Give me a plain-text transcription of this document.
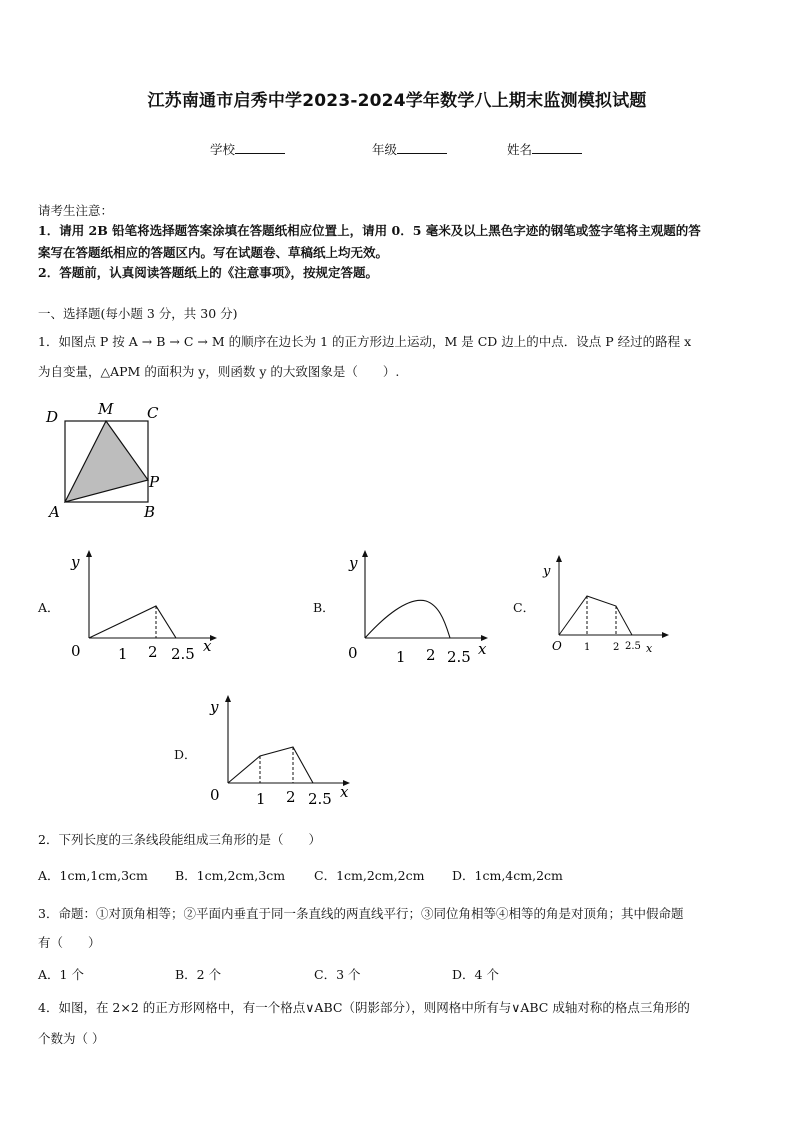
江苏南通市启秀中学2023-2024学年数学八上期末监测模拟试题
学校	年级	姓名
请考生注意：
1．请用 2B 铅笔将选择题答案涂填在答题纸相应位置上，请用 0．5 毫米及以上黑色字迹的钢笔或签字笔将主观题的答
案写在答题纸相应的答题区内。写在试题卷、草稿纸上均无效。
2．答题前，认真阅读答题纸上的《注意事项》，按规定答题。
一、选择题(每小题 3 分，共 30 分)
1．如图点 P 按 A → B → C → M 的顺序在边长为 1 的正方形边上运动，M 是 CD 边上的中点．设点 P 经过的路程 x
为自变量，△APM 的面积为 y，则函数 y 的大致图象是（　　）.
D	M C
P
A	B
A．
y
x
0 1 2 2.5
B．
y
x
0	1 2 2.5
C．
y
x
O 1 2 2.5
D．
y
x
0 1 2 2.5
2．下列长度的三条线段能组成三角形的是（　　）
A．1cm,1cm,3cm B．1cm,2cm,3cm C．1cm,2cm,2cm D．1cm,4cm,2cm
3．命题：①对顶角相等；②平面内垂直于同一条直线的两直线平行；③同位角相等④相等的角是对顶角；其中假命题
有（　　）
A．1 个	B．2 个	C．3 个	D．4 个
4．如图，在 2×2 的正方形网格中，有一个格点∨ABC（阴影部分），则网格中所有与∨ABC 成轴对称的格点三角形的
个数为（ ）
